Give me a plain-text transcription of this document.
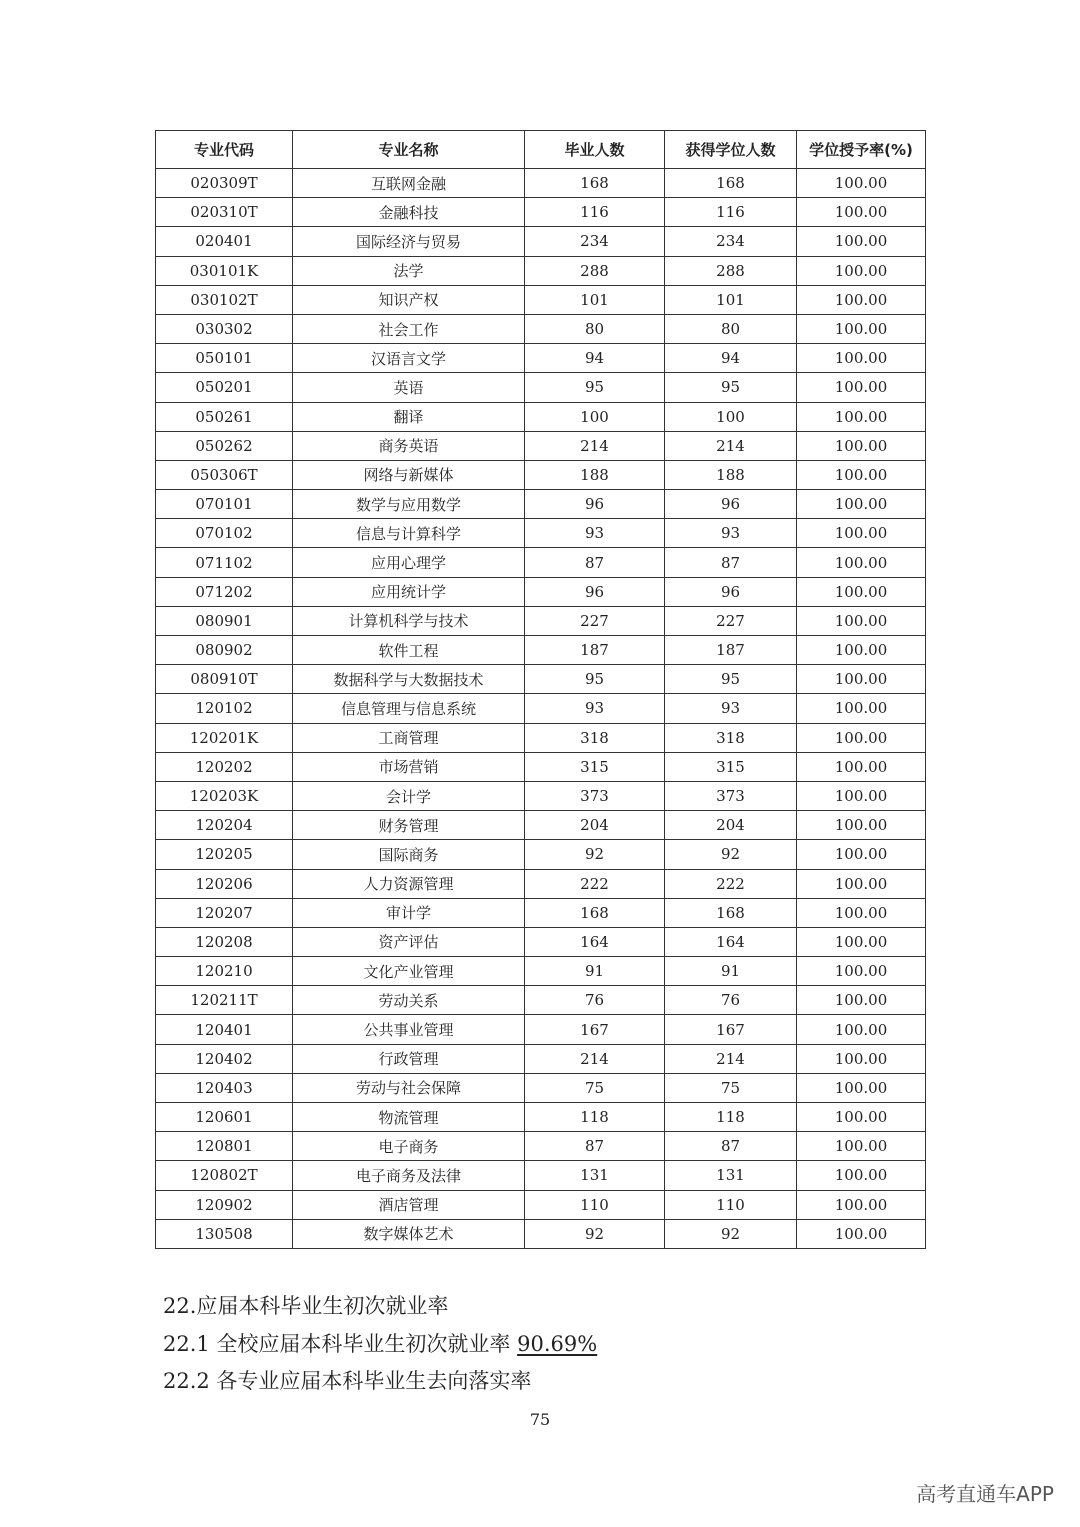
专业代码	专业名称	毕业人数	获得学位人数	学位授予率(%)
020309T	互联网金融	168	168	100.00
020310T	金融科技	116	116	100.00
020401	国际经济与贸易	234	234	100.00
030101K	法学	288	288	100.00
030102T	知识产权	101	101	100.00
030302	社会工作	80	80	100.00
050101	汉语言文学	94	94	100.00
050201	英语	95	95	100.00
050261	翻译	100	100	100.00
050262	商务英语	214	214	100.00
050306T	网络与新媒体	188	188	100.00
070101	数学与应用数学	96	96	100.00
070102	信息与计算科学	93	93	100.00
071102	应用心理学	87	87	100.00
071202	应用统计学	96	96	100.00
080901	计算机科学与技术	227	227	100.00
080902	软件工程	187	187	100.00
080910T	数据科学与大数据技术	95	95	100.00
120102	信息管理与信息系统	93	93	100.00
120201K	工商管理	318	318	100.00
120202	市场营销	315	315	100.00
120203K	会计学	373	373	100.00
120204	财务管理	204	204	100.00
120205	国际商务	92	92	100.00
120206	人力资源管理	222	222	100.00
120207	审计学	168	168	100.00
120208	资产评估	164	164	100.00
120210	文化产业管理	91	91	100.00
120211T	劳动关系	76	76	100.00
120401	公共事业管理	167	167	100.00
120402	行政管理	214	214	100.00
120403	劳动与社会保障	75	75	100.00
120601	物流管理	118	118	100.00
120801	电子商务	87	87	100.00
120802T	电子商务及法律	131	131	100.00
120902	酒店管理	110	110	100.00
130508	数字媒体艺术	92	92	100.00
22.应届本科毕业生初次就业率
22.1 全校应届本科毕业生初次就业率 90.69%
22.2 各专业应届本科毕业生去向落实率
75
高考直通车APP
